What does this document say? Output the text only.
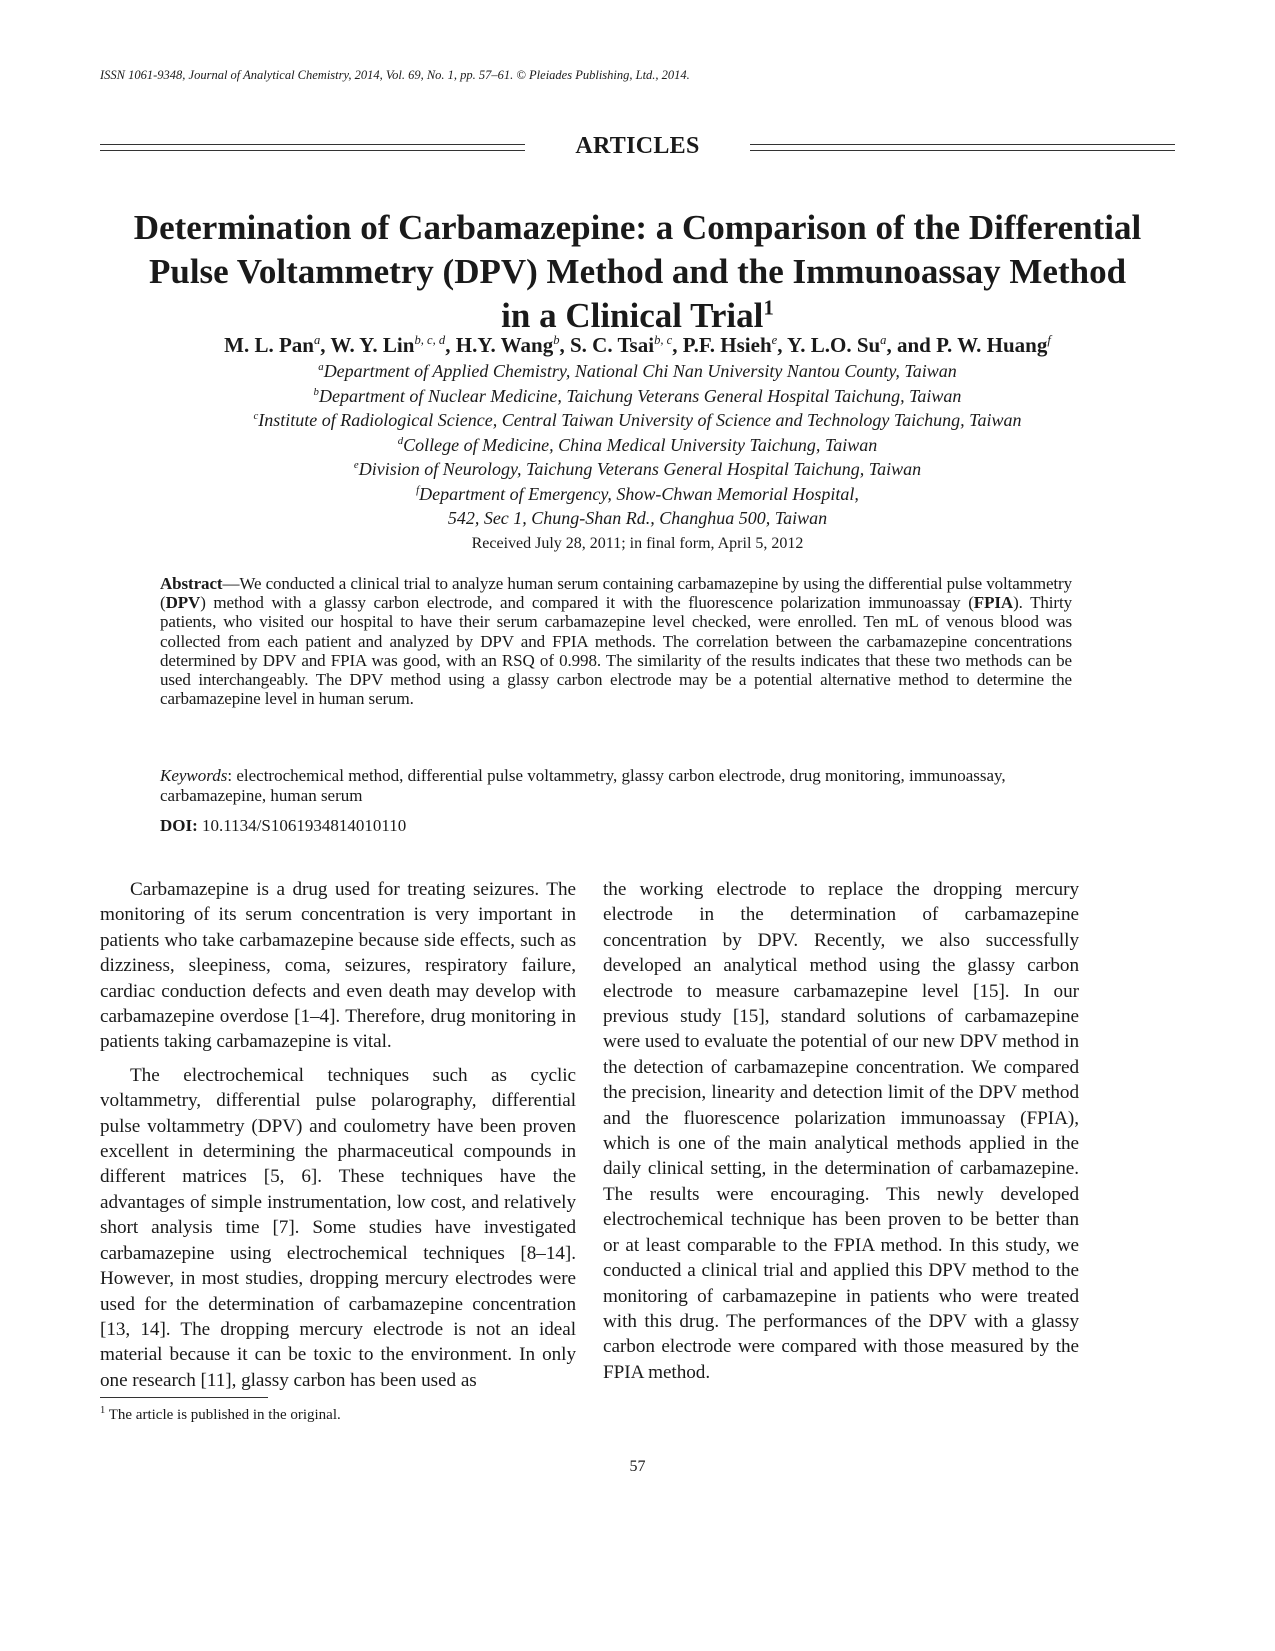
ISSN 1061-9348, Journal of Analytical Chemistry, 2014, Vol. 69, No. 1, pp. 57–61. © Pleiades Publishing, Ltd., 2014.
ARTICLES
Determination of Carbamazepine: a Comparison of the Differential
Pulse Voltammetry (DPV) Method and the Immunoassay Method
in a Clinical Trial$^1$
M. L. Pan$^a$, W. Y. Lin$^{b, c, d}$, H.Y. Wang$^b$, S. C. Tsai$^{b, c}$, P.F. Hsieh$^e$, Y. L.O. Su$^a$, and P. W. Huang$^f$
$^a$Department of Applied Chemistry, National Chi Nan University Nantou County, Taiwan
$^b$Department of Nuclear Medicine, Taichung Veterans General Hospital Taichung, Taiwan
$^c$Institute of Radiological Science, Central Taiwan University of Science and Technology Taichung, Taiwan
$^d$College of Medicine, China Medical University Taichung, Taiwan
$^e$Division of Neurology, Taichung Veterans General Hospital Taichung, Taiwan
$^f$Department of Emergency, Show-Chwan Memorial Hospital,
542, Sec 1, Chung-Shan Rd., Changhua 500, Taiwan
Received July 28, 2011; in final form, April 5, 2012
Abstract—We conducted a clinical trial to analyze human serum containing carbamazepine by using the differential pulse voltammetry (DPV) method with a glassy carbon electrode, and compared it with the fluorescence polarization immunoassay (FPIA). Thirty patients, who visited our hospital to have their serum carbamazepine level checked, were enrolled. Ten mL of venous blood was collected from each patient and analyzed by DPV and FPIA methods. The correlation between the carbamazepine concentrations determined by DPV and FPIA was good, with an RSQ of 0.998. The similarity of the results indicates that these two methods can be used interchangeably. The DPV method using a glassy carbon electrode may be a potential alternative method to determine the carbamazepine level in human serum.
Keywords: electrochemical method, differential pulse voltammetry, glassy carbon electrode, drug monitoring, immunoassay, carbamazepine, human serum
DOI: 10.1134/S1061934814010110

Carbamazepine is a drug used for treating seizures. The monitoring of its serum concentration is very important in patients who take carbamazepine because side effects, such as dizziness, sleepiness, coma, seizures, respiratory failure, cardiac conduction defects and even death may develop with carbamazepine overdose [1–4]. Therefore, drug monitoring in patients taking carbamazepine is vital.

The electrochemical techniques such as cyclic voltammetry, differential pulse polarography, differential pulse voltammetry (DPV) and coulometry have been proven excellent in determining the pharmaceutical compounds in different matrices [5, 6]. These techniques have the advantages of simple instrumentation, low cost, and relatively short analysis time [7]. Some studies have investigated carbamazepine using electrochemical techniques [8–14]. However, in most studies, dropping mercury electrodes were used for the determination of carbamazepine concentration [13, 14]. The dropping mercury electrode is not an ideal material because it can be toxic to the environment. In only one research [11], glassy carbon has been used as

the working electrode to replace the dropping mercury electrode in the determination of carbamazepine concentration by DPV. Recently, we also successfully developed an analytical method using the glassy carbon electrode to measure carbamazepine level [15]. In our previous study [15], standard solutions of carbamazepine were used to evaluate the potential of our new DPV method in the detection of carbamazepine concentration. We compared the precision, linearity and detection limit of the DPV method and the fluorescence polarization immunoassay (FPIA), which is one of the main analytical methods applied in the daily clinical setting, in the determination of carbamazepine. The results were encouraging. This newly developed electrochemical technique has been proven to be better than or at least comparable to the FPIA method. In this study, we conducted a clinical trial and applied this DPV method to the monitoring of carbamazepine in patients who were treated with this drug. The performances of the DPV with a glassy carbon electrode were compared with those measured by the FPIA method.

$^1$ The article is published in the original.
57
